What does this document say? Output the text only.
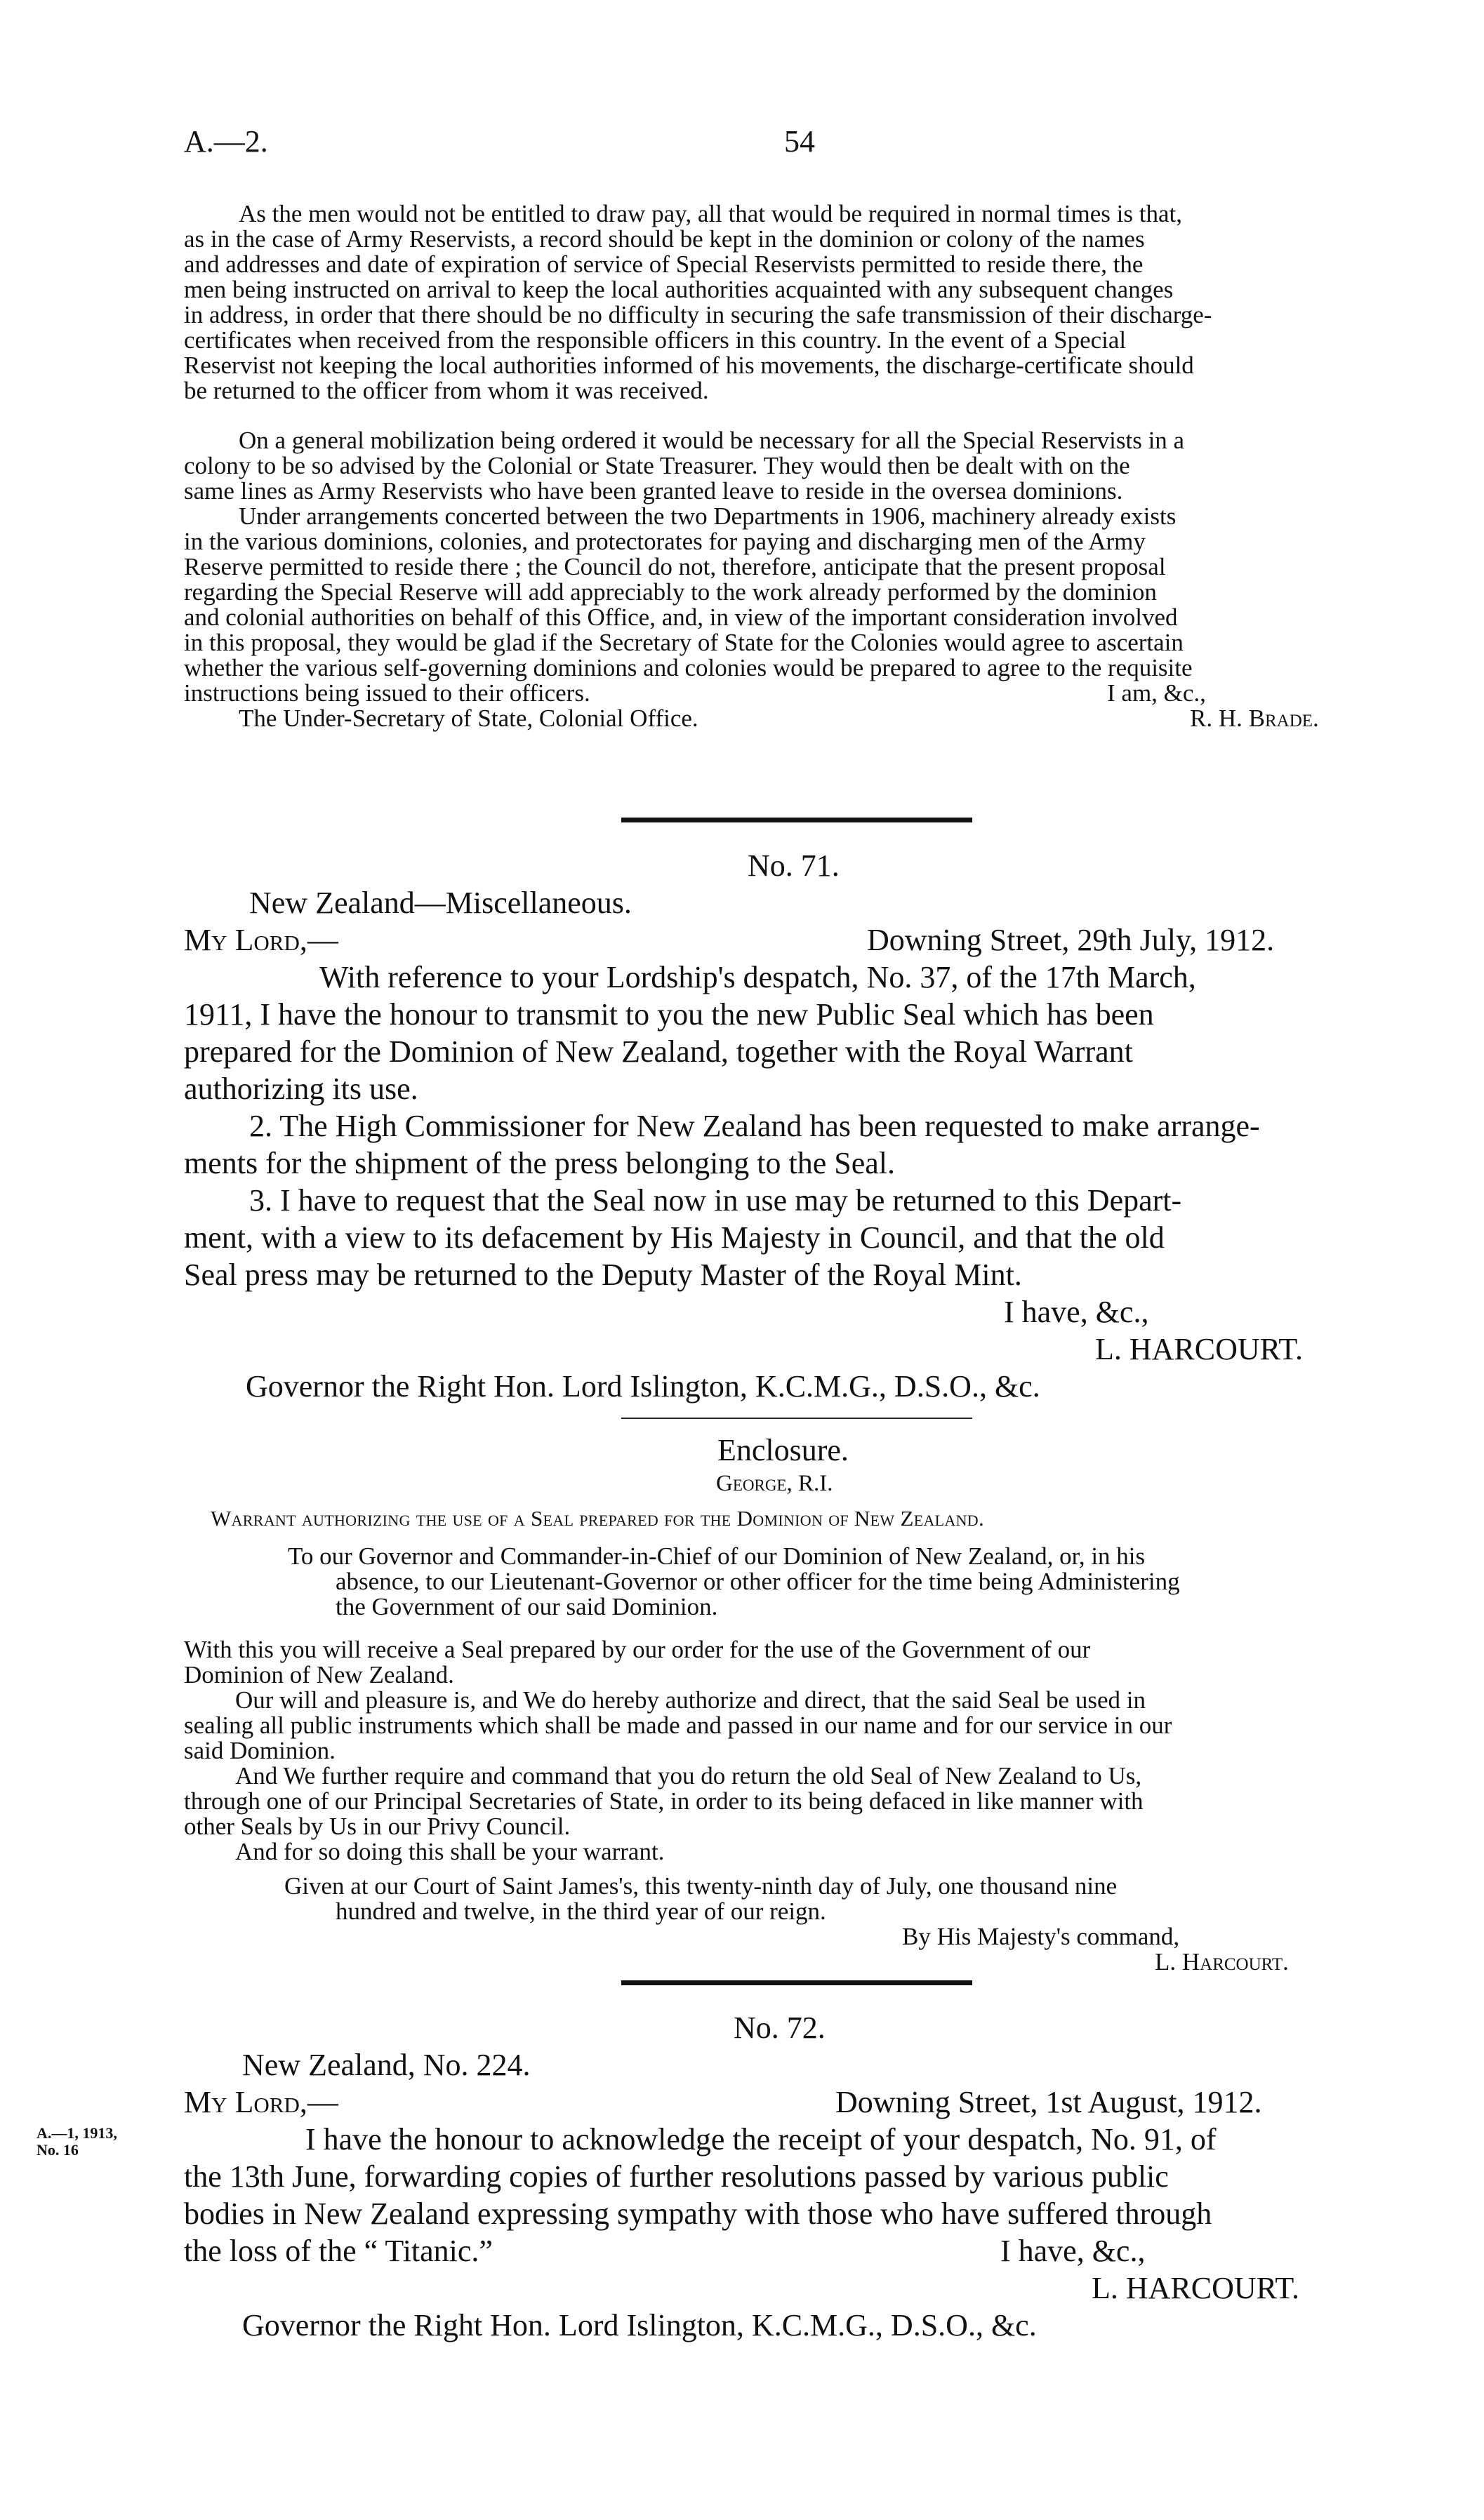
A.—2.	54
As the men would not be entitled to draw pay, all that would be required in normal times is that,
as in the case of Army Reservists, a record should be kept in the dominion or colony of the names
and addresses and date of expiration of service of Special Reservists permitted to reside there, the
men being instructed on arrival to keep the local authorities acquainted with any subsequent changes
in address, in order that there should be no difficulty in securing the safe transmission of their discharge-
certificates when received from the responsible officers in this country. In the event of a Special
Reservist not keeping the local authorities informed of his movements, the discharge-certificate should
be returned to the officer from whom it was received.
On a general mobilization being ordered it would be necessary for all the Special Reservists in a
colony to be so advised by the Colonial or State Treasurer. They would then be dealt with on the
same lines as Army Reservists who have been granted leave to reside in the oversea dominions.
Under arrangements concerted between the two Departments in 1906, machinery already exists
in the various dominions, colonies, and protectorates for paying and discharging men of the Army
Reserve permitted to reside there ; the Council do not, therefore, anticipate that the present proposal
regarding the Special Reserve will add appreciably to the work already performed by the dominion
and colonial authorities on behalf of this Office, and, in view of the important consideration involved
in this proposal, they would be glad if the Secretary of State for the Colonies would agree to ascertain
whether the various self-governing dominions and colonies would be prepared to agree to the requisite
instructions being issued to their officers.	I am, &c.,
The Under-Secretary of State, Colonial Office.	R. H. Brade.
No. 71.
New Zealand—Miscellaneous.
My Lord,—	Downing Street, 29th July, 1912.
With reference to your Lordship's despatch, No. 37, of the 17th March,
1911, I have the honour to transmit to you the new Public Seal which has been
prepared for the Dominion of New Zealand, together with the Royal Warrant
authorizing its use.
2. The High Commissioner for New Zealand has been requested to make arrange-
ments for the shipment of the press belonging to the Seal.
3. I have to request that the Seal now in use may be returned to this Depart-
ment, with a view to its defacement by His Majesty in Council, and that the old
Seal press may be returned to the Deputy Master of the Royal Mint.
I have, &c.,
L. HARCOURT.
Governor the Right Hon. Lord Islington, K.C.M.G., D.S.O., &c.
Enclosure.
George, R.I.
Warrant authorizing the use of a Seal prepared for the Dominion of New Zealand.
To our Governor and Commander-in-Chief of our Dominion of New Zealand, or, in his
absence, to our Lieutenant-Governor or other officer for the time being Administering
the Government of our said Dominion.
With this you will receive a Seal prepared by our order for the use of the Government of our
Dominion of New Zealand.
Our will and pleasure is, and We do hereby authorize and direct, that the said Seal be used in
sealing all public instruments which shall be made and passed in our name and for our service in our
said Dominion.
And We further require and command that you do return the old Seal of New Zealand to Us,
through one of our Principal Secretaries of State, in order to its being defaced in like manner with
other Seals by Us in our Privy Council.
And for so doing this shall be your warrant.
Given at our Court of Saint James's, this twenty-ninth day of July, one thousand nine
hundred and twelve, in the third year of our reign.
By His Majesty's command,
L. Harcourt.
No. 72.
New Zealand, No. 224.
My Lord,—	Downing Street, 1st August, 1912.
A.—1, 1913,
No. 16	I have the honour to acknowledge the receipt of your despatch, No. 91, of
the 13th June, forwarding copies of further resolutions passed by various public
bodies in New Zealand expressing sympathy with those who have suffered through
the loss of the “ Titanic.”	I have, &c.,
L. HARCOURT.
Governor the Right Hon. Lord Islington, K.C.M.G., D.S.O., &c.
